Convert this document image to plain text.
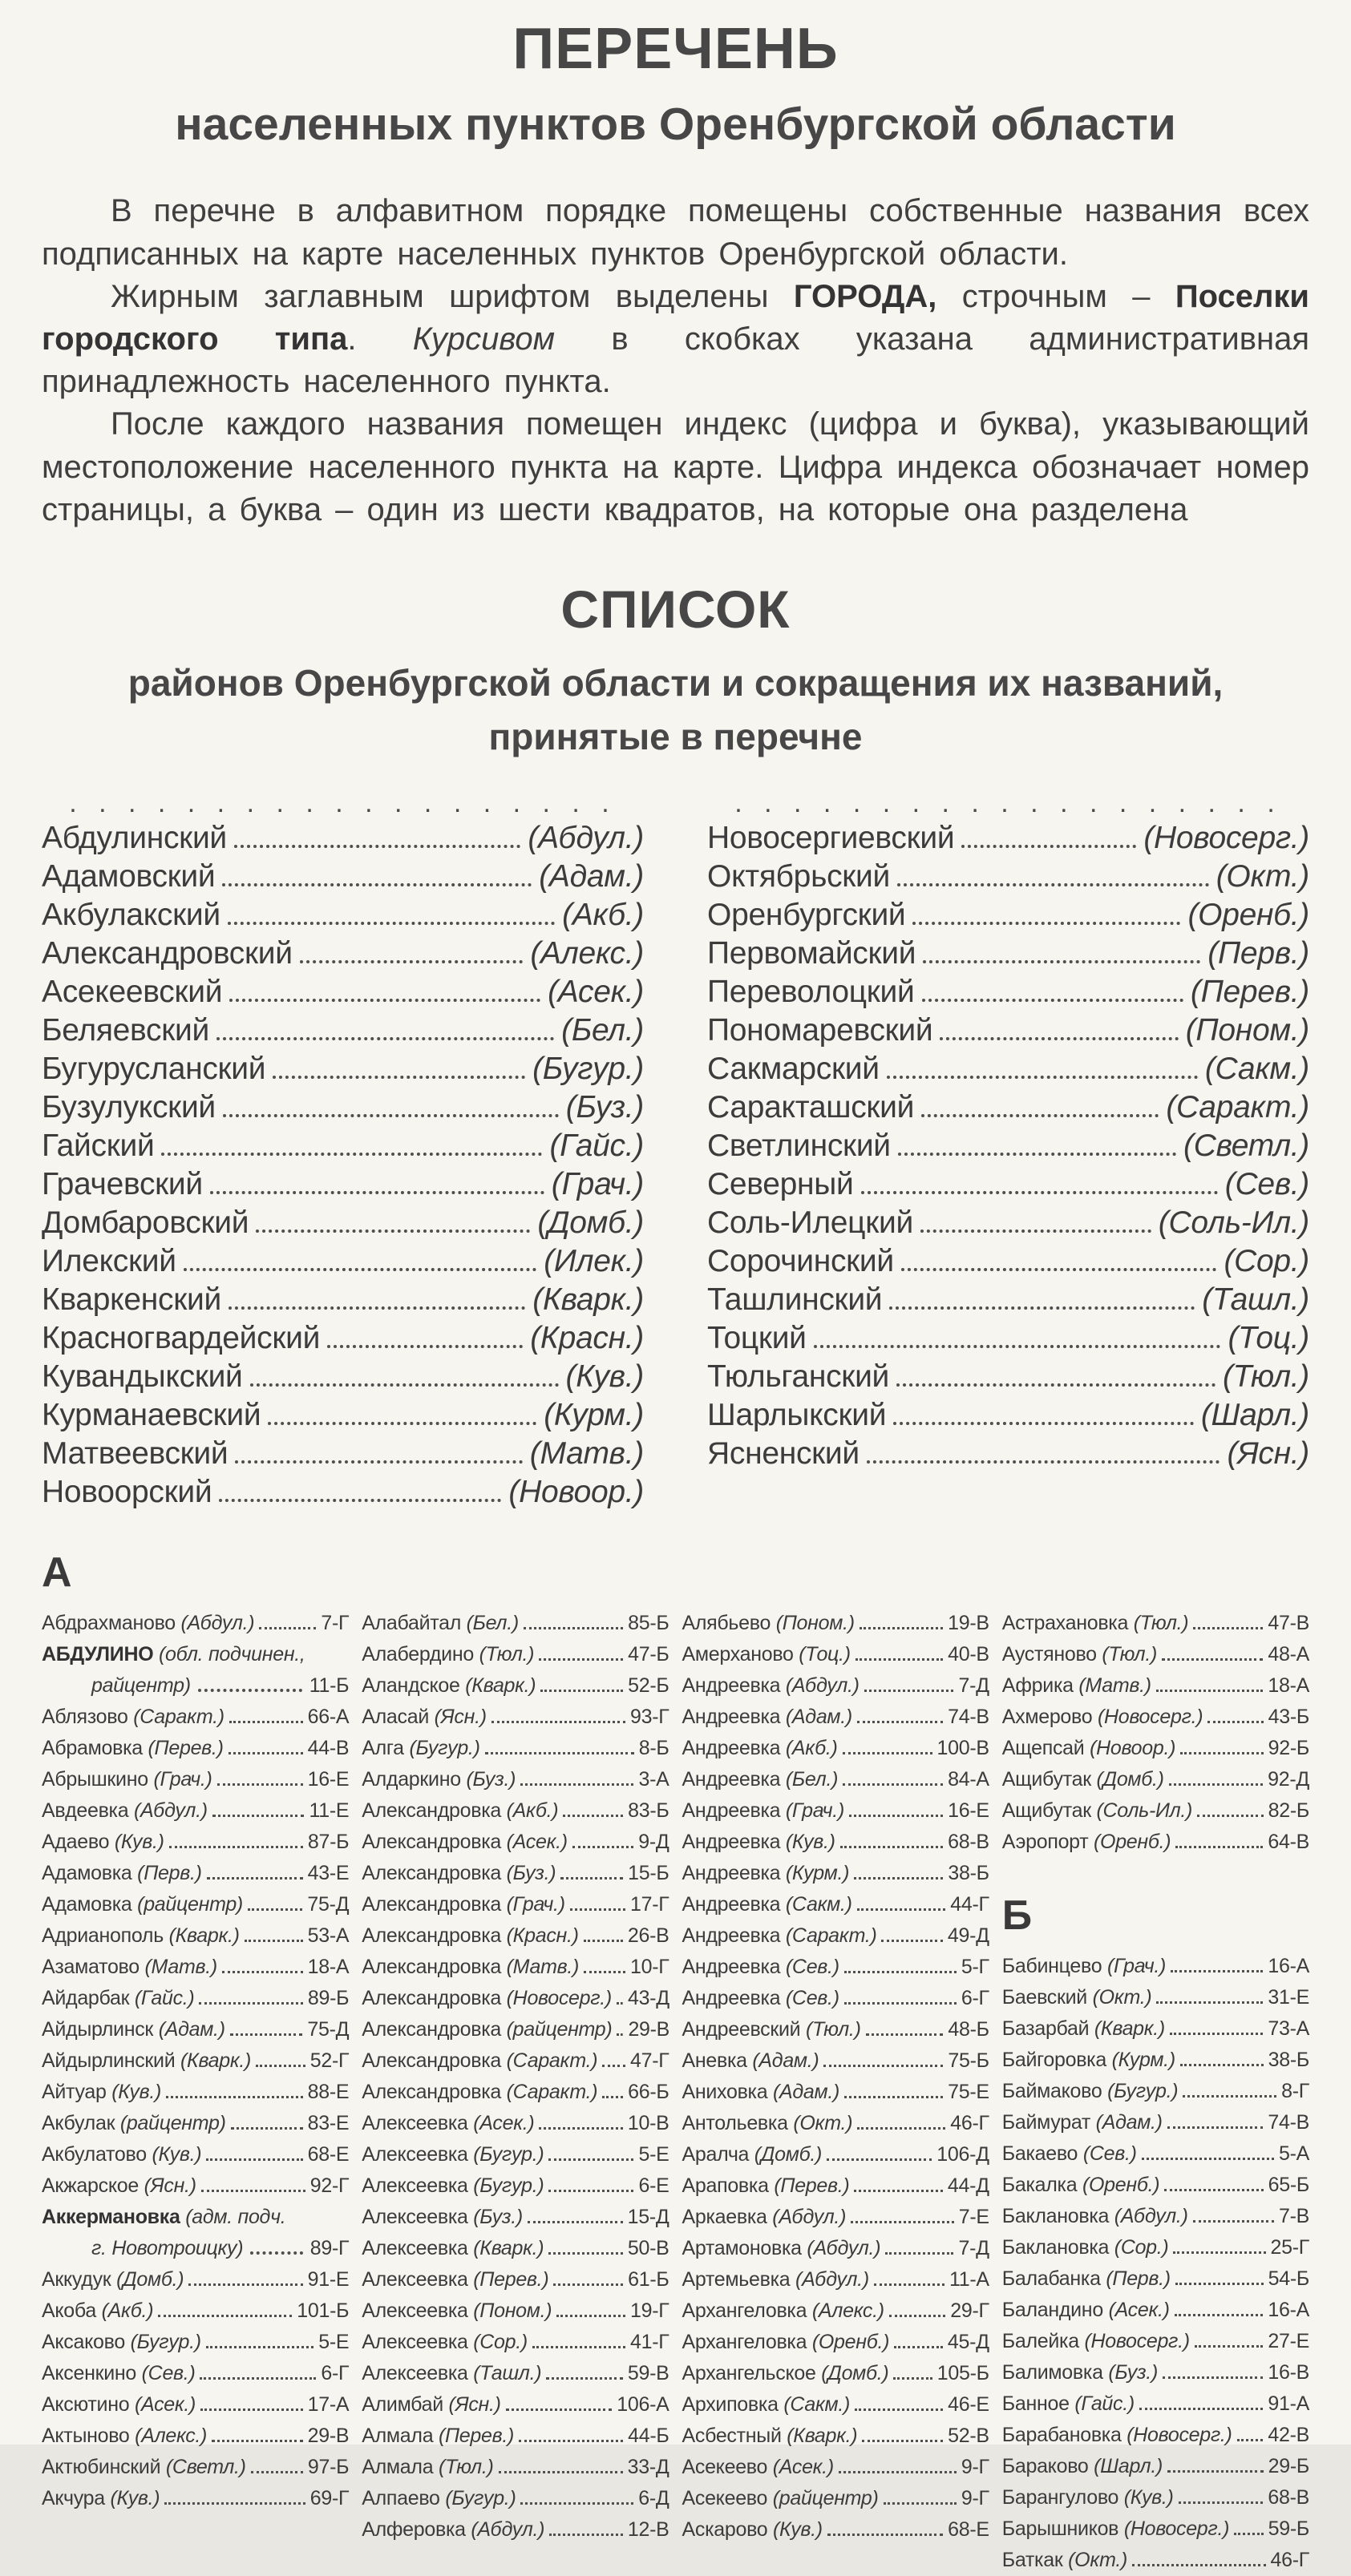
ПЕРЕЧЕНЬ
населенных пунктов Оренбургской области

В перечне в алфавитном порядке помещены собственные названия всех подписанных на карте населенных пунктов Оренбургской области.

Жирным заглавным шрифтом выделены ГОРОДА, строчным – Поселки городского типа. Курсивом в скобках указана административная принадлежность населенного пункта.

После каждого названия помещен индекс (цифра и буква), указывающий местоположение населенного пункта на карте. Цифра индекса обозначает номер страницы, а буква – один из шести квадратов, на которые она разделена

СПИСОК
районов Оренбургской области и сокращения их названий,
принятые в перечне
. . . . . . . . . . . . . . . . . . .
Абдулинский	(Абдул.)
Адамовский	(Адам.)
Акбулакский	(Акб.)
Александровский	(Алекс.)
Асекеевский	(Асек.)
Беляевский	(Бел.)
Бугурусланский	(Бугур.)
Бузулукский	(Буз.)
Гайский	(Гайс.)
Грачевский	(Грач.)
Домбаровский	(Домб.)
Илекский	(Илек.)
Кваркенский	(Кварк.)
Красногвардейский	(Красн.)
Кувандыкский	(Кув.)
Курманаевский	(Курм.)
Матвеевский	(Матв.)
Новоорский	(Новоор.)
. . . . . . . . . . . . . . . . . . .
Новосергиевский	(Новосерг.)
Октябрьский	(Окт.)
Оренбургский	(Оренб.)
Первомайский	(Перв.)
Переволоцкий	(Перев.)
Пономаревский	(Поном.)
Сакмарский	(Сакм.)
Саракташский	(Саракт.)
Светлинский	(Светл.)
Северный	(Сев.)
Соль-Илецкий	(Соль-Ил.)
Сорочинский	(Сор.)
Ташлинский	(Ташл.)
Тоцкий	(Тоц.)
Тюльганский	(Тюл.)
Шарлыкский	(Шарл.)
Ясненский	(Ясн.)
А
Абдрахманово (Абдул.)	7-Г
АБДУЛИНО (обл. подчинен.,
райцентр)	11-Б
Аблязово (Саракт.)	66-А
Абрамовка (Перев.)	44-В
Абрышкино (Грач.)	16-Е
Авдеевка (Абдул.)	11-Е
Адаево (Кув.)	87-Б
Адамовка (Перв.)	43-Е
Адамовка (райцентр)	75-Д
Адрианополь (Кварк.)	53-А
Азаматово (Матв.)	18-А
Айдарбак (Гайс.)	89-Б
Айдырлинск (Адам.)	75-Д
Айдырлинский (Кварк.)	52-Г
Айтуар (Кув.)	88-Е
Акбулак (райцентр)	83-Е
Акбулатово (Кув.)	68-Е
Акжарское (Ясн.)	92-Г
Аккермановка (адм. подч.
г. Новотроицку)	89-Г
Аккудук (Домб.)	91-Е
Акоба (Акб.)	101-Б
Аксаково (Бугур.)	5-Е
Аксенкино (Сев.)	6-Г
Аксютино (Асек.)	17-А
Актыново (Алекс.)	29-В
Актюбинский (Светл.)	97-Б
Акчура (Кув.)	69-Г
Алабайтал (Бел.)	85-Б
Алабердино (Тюл.)	47-Б
Аландское (Кварк.)	52-Б
Аласай (Ясн.)	93-Г
Алга (Бугур.)	8-Б
Алдаркино (Буз.)	3-А
Александровка (Акб.)	83-Б
Александровка (Асек.)	9-Д
Александровка (Буз.)	15-Б
Александровка (Грач.)	17-Г
Александровка (Красн.) 26-В
Александровка (Матв.)	10-Г
Александровка (Новосерг.) 43-Д
Александровка (райцентр) 29-В
Александровка (Саракт.) 47-Г
Александровка (Саракт.) 66-Б
Алексеевка (Асек.)	10-В
Алексеевка (Бугур.)	5-Е
Алексеевка (Бугур.)	6-Е
Алексеевка (Буз.)	15-Д
Алексеевка (Кварк.)	50-В
Алексеевка (Перев.)	61-Б
Алексеевка (Поном.)	19-Г
Алексеевка (Сор.)	41-Г
Алексеевка (Ташл.)	59-В
Алимбай (Ясн.)	106-А
Алмала (Перев.)	44-Б
Алмала (Тюл.)	33-Д
Алпаево (Бугур.)	6-Д
Алферовка (Абдул.)	12-В
Алябьево (Поном.)	19-В
Амерханово (Тоц.)	40-В
Андреевка (Абдул.)	7-Д
Андреевка (Адам.)	74-В
Андреевка (Акб.)	100-В
Андреевка (Бел.)	84-А
Андреевка (Грач.)	16-Е
Андреевка (Кув.)	68-В
Андреевка (Курм.)	38-Б
Андреевка (Сакм.)	44-Г
Андреевка (Саракт.)	49-Д
Андреевка (Сев.)	5-Г
Андреевка (Сев.)	6-Г
Андреевский (Тюл.)	48-Б
Аневка (Адам.)	75-Б
Аниховка (Адам.)	75-Е
Антольевка (Окт.)	46-Г
Аралча (Домб.)	106-Д
Араповка (Перев.)	44-Д
Аркаевка (Абдул.)	7-Е
Артамоновка (Абдул.)	7-Д
Артемьевка (Абдул.)	11-А
Архангеловка (Алекс.)	29-Г
Архангеловка (Оренб.)	45-Д
Архангельское (Домб.) 105-Б
Архиповка (Сакм.)	46-Е
Асбестный (Кварк.)	52-В
Асекеево (Асек.)	9-Г
Асекеево (райцентр)	9-Г
Аскарово (Кув.)	68-Е
Астрахановка (Тюл.)	47-В
Аустяново (Тюл.)	48-А
Африка (Матв.)	18-А
Ахмерово (Новосерг.)	43-Б
Ащепсай (Новоор.)	92-Б
Ащибутак (Домб.)	92-Д
Ащибутак (Соль-Ил.)	82-Б
Аэропорт (Оренб.)	64-В
Б
Бабинцево (Грач.)	16-А
Баевский (Окт.)	31-Е
Базарбай (Кварк.)	73-А
Байгоровка (Курм.)	38-Б
Баймаково (Бугур.)	8-Г
Баймурат (Адам.)	74-В
Бакаево (Сев.)	5-А
Бакалка (Оренб.)	65-Б
Баклановка (Абдул.)	7-В
Баклановка (Сор.)	25-Г
Балабанка (Перв.)	54-Б
Баландино (Асек.)	16-А
Балейка (Новосерг.)	27-Е
Балимовка (Буз.)	16-В
Банное (Гайс.)	91-А
Барабановка (Новосерг.) 42-В
Бараково (Шарл.)	29-Б
Барангулово (Кув.)	68-В
Барышников (Новосерг.) 59-Б
Баткак (Окт.)	46-Г
